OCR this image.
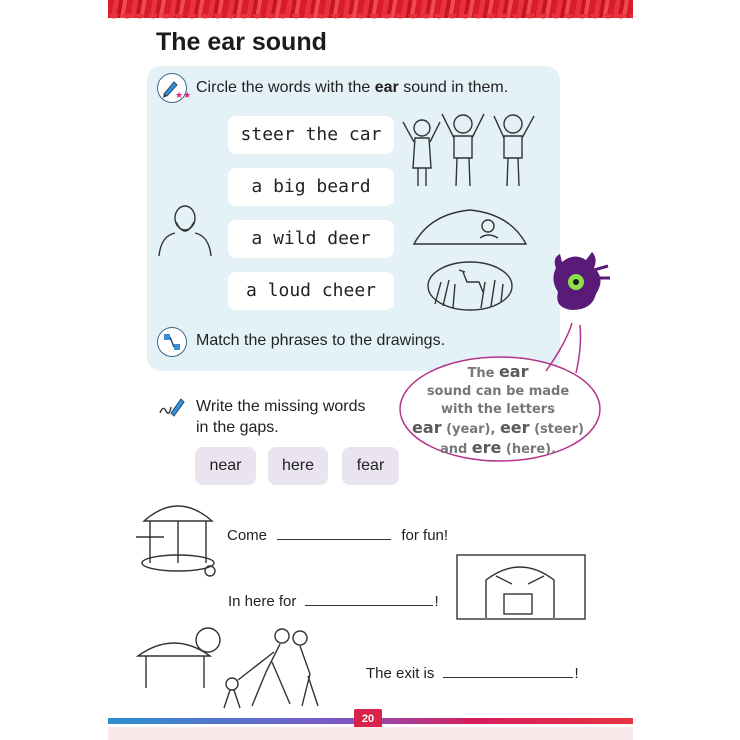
The ear sound
★★ Circle the words with the ear sound in them.
steer the car
a big beard
a wild deer
a loud cheer
Match the phrases to the drawings.
The ear
sound can be made
with the letters
ear (year), eer (steer)
and ere (here).
Write the missing words
in the gaps.
near	here	fear
Come	for fun!
In here for	!
The exit is	!
20
